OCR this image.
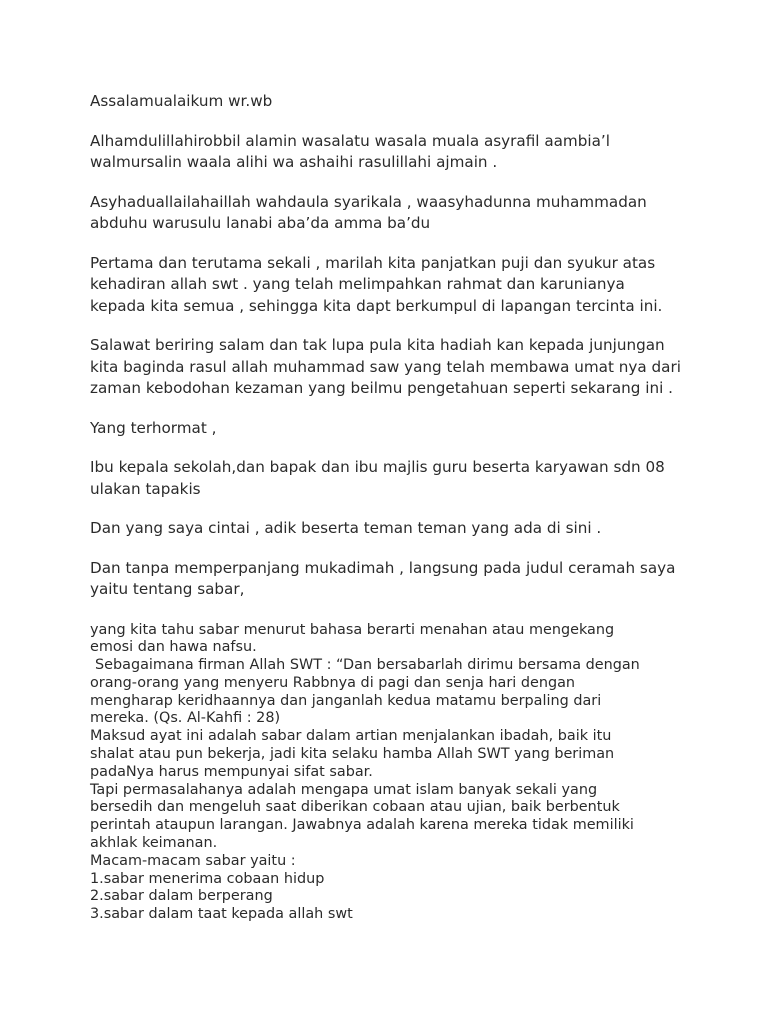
Assalamualaikum wr.wb
Alhamdulillahirobbil alamin wasalatu wasala muala asyrafil aambia’l
walmursalin waala alihi wa ashaihi rasulillahi ajmain .
Asyhaduallailahaillah wahdaula syarikala , waasyhadunna muhammadan
abduhu warusulu lanabi aba’da amma ba’du
Pertama dan terutama sekali , marilah kita panjatkan puji dan syukur atas
kehadiran allah swt . yang telah melimpahkan rahmat dan karunianya
kepada kita semua , sehingga kita dapt berkumpul di lapangan tercinta ini.
Salawat beriring salam dan tak lupa pula kita hadiah kan kepada junjungan
kita baginda rasul allah muhammad saw yang telah membawa umat nya dari
zaman kebodohan kezaman yang beilmu pengetahuan seperti sekarang ini .
Yang terhormat ,
Ibu kepala sekolah,dan bapak dan ibu majlis guru beserta karyawan sdn 08
ulakan tapakis
Dan yang saya cintai , adik beserta teman teman yang ada di sini .
Dan tanpa memperpanjang mukadimah , langsung pada judul ceramah saya
yaitu tentang sabar,
yang kita tahu sabar menurut bahasa berarti menahan atau mengekang
emosi dan hawa nafsu.
Sebagaimana firman Allah SWT : “Dan bersabarlah dirimu bersama dengan
orang-orang yang menyeru Rabbnya di pagi dan senja hari dengan
mengharap keridhaannya dan janganlah kedua matamu berpaling dari
mereka. (Qs. Al-Kahfi : 28)
Maksud ayat ini adalah sabar dalam artian menjalankan ibadah, baik itu
shalat atau pun bekerja, jadi kita selaku hamba Allah SWT yang beriman
padaNya harus mempunyai sifat sabar.
Tapi permasalahanya adalah mengapa umat islam banyak sekali yang
bersedih dan mengeluh saat diberikan cobaan atau ujian, baik berbentuk
perintah ataupun larangan. Jawabnya adalah karena mereka tidak memiliki
akhlak keimanan.
Macam-macam sabar yaitu :
1.sabar menerima cobaan hidup
2.sabar dalam berperang
3.sabar dalam taat kepada allah swt
